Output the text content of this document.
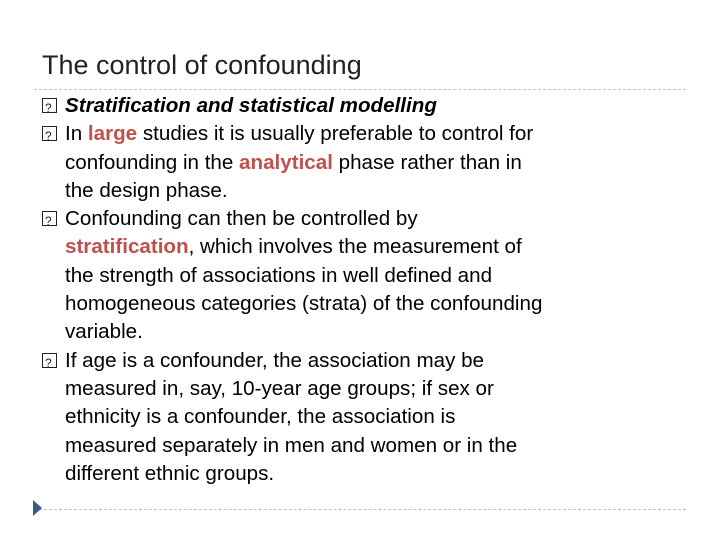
The control of confounding
?
Stratification and statistical modelling
?
In large studies it is usually preferable to control for
confounding in the analytical phase rather than in
the design phase.
?
Confounding can then be controlled by
stratification, which involves the measurement of
the strength of associations in well defined and
homogeneous categories (strata) of the confounding
variable.
?
If age is a confounder, the association may be
measured in, say, 10-year age groups; if sex or
ethnicity is a confounder, the association is
measured separately in men and women or in the
different ethnic groups.
